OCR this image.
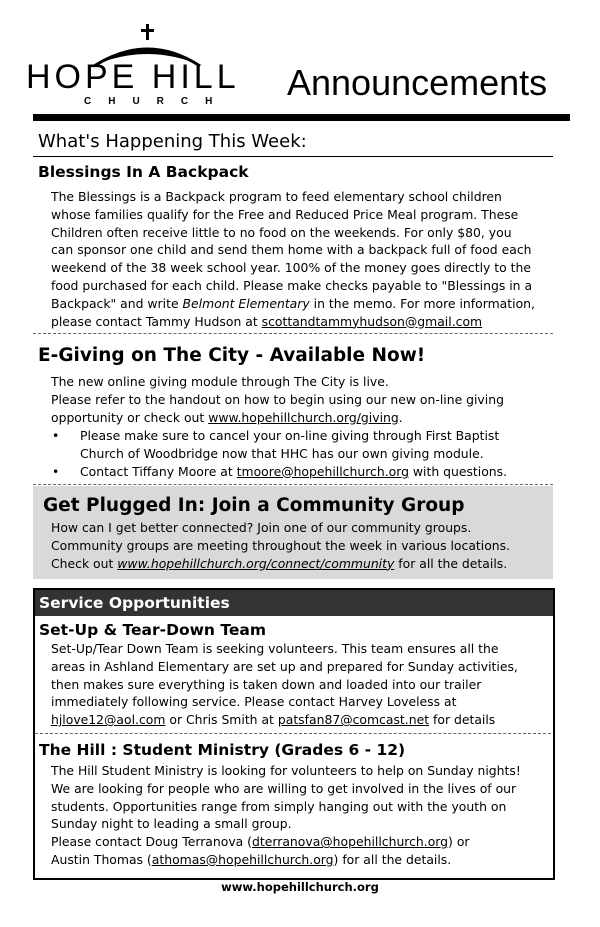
HOPE HILL
CHURCH Announcements
What's Happening This Week:
Blessings In A Backpack
The Blessings is a Backpack program to feed elementary school children
whose families qualify for the Free and Reduced Price Meal program. These
Children often receive little to no food on the weekends. For only $80, you
can sponsor one child and send them home with a backpack full of food each
weekend of the 38 week school year. 100% of the money goes directly to the
food purchased for each child. Please make checks payable to "Blessings in a
Backpack" and write Belmont Elementary in the memo. For more information,
please contact Tammy Hudson at scottandtammyhudson@gmail.com
E-Giving on The City - Available Now!
The new online giving module through The City is live.
Please refer to the handout on how to begin using our new on-line giving
opportunity or check out www.hopehillchurch.org/giving.
• Please make sure to cancel your on-line giving through First Baptist
Church of Woodbridge now that HHC has our own giving module.
• Contact Tiffany Moore at tmoore@hopehillchurch.org with questions.
Get Plugged In: Join a Community Group
How can I get better connected? Join one of our community groups.
Community groups are meeting throughout the week in various locations.
Check out www.hopehillchurch.org/connect/community for all the details.
Service Opportunities
Set-Up & Tear-Down Team
Set-Up/Tear Down Team is seeking volunteers. This team ensures all the
areas in Ashland Elementary are set up and prepared for Sunday activities,
then makes sure everything is taken down and loaded into our trailer
immediately following service. Please contact Harvey Loveless at
hjlove12@aol.com or Chris Smith at patsfan87@comcast.net for details
The Hill : Student Ministry (Grades 6 - 12)
The Hill Student Ministry is looking for volunteers to help on Sunday nights!
We are looking for people who are willing to get involved in the lives of our
students. Opportunities range from simply hanging out with the youth on
Sunday night to leading a small group.
Please contact Doug Terranova (dterranova@hopehillchurch.org) or
Austin Thomas (athomas@hopehillchurch.org) for all the details.
www.hopehillchurch.org
